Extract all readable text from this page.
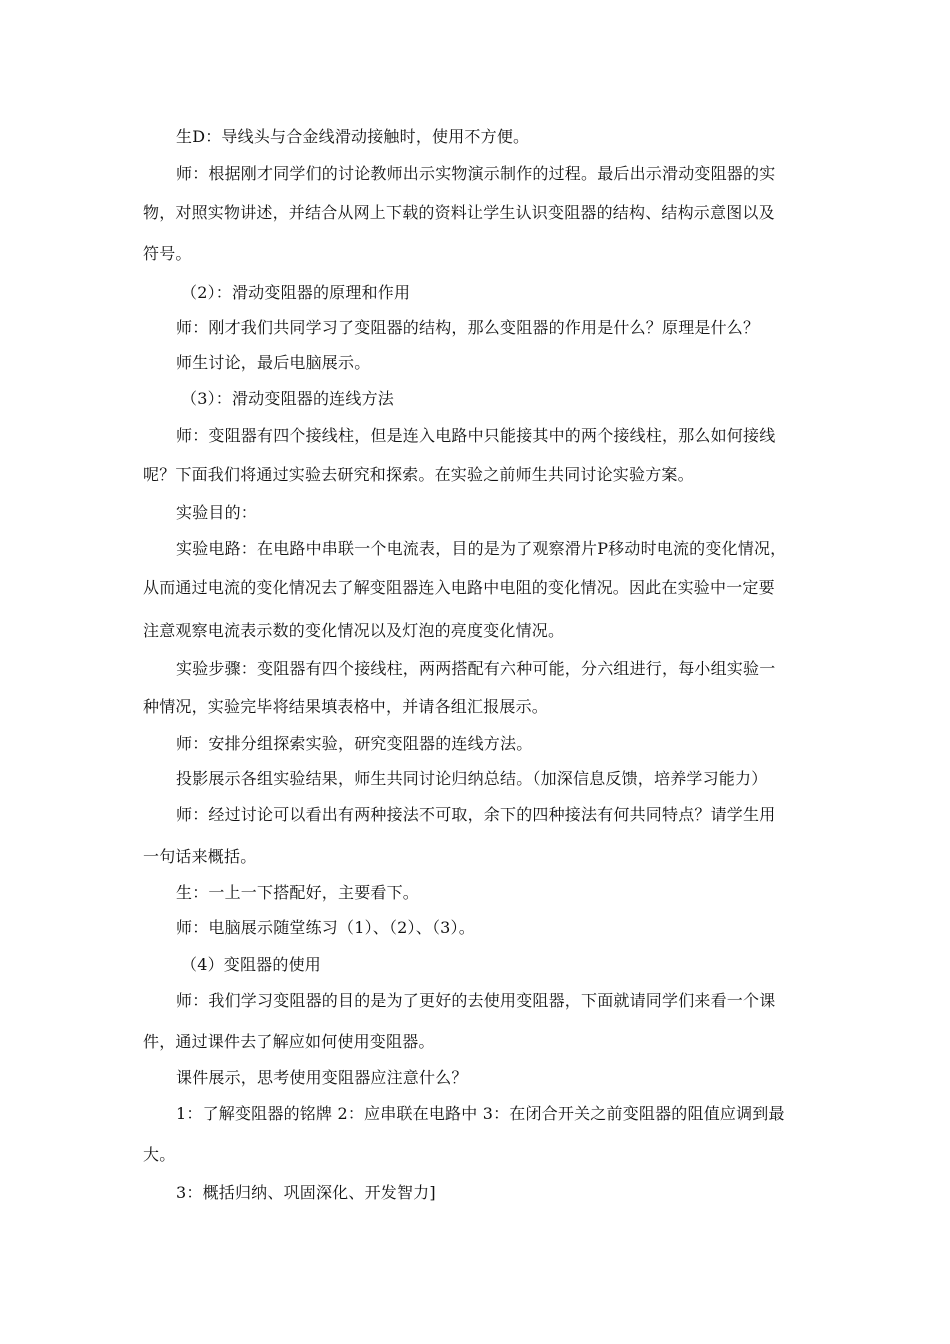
生D：导线头与合金线滑动接触时，使用不方便。
师：根据刚才同学们的讨论教师出示实物演示制作的过程。最后出示滑动变阻器的实
物，对照实物讲述，并结合从网上下载的资料让学生认识变阻器的结构、结构示意图以及
符号。
（2）：滑动变阻器的原理和作用
师：刚才我们共同学习了变阻器的结构，那么变阻器的作用是什么？原理是什么？
师生讨论，最后电脑展示。
（3）：滑动变阻器的连线方法
师：变阻器有四个接线柱，但是连入电路中只能接其中的两个接线柱，那么如何接线
呢？下面我们将通过实验去研究和探索。在实验之前师生共同讨论实验方案。
实验目的：
实验电路：在电路中串联一个电流表，目的是为了观察滑片P移动时电流的变化情况，
从而通过电流的变化情况去了解变阻器连入电路中电阻的变化情况。因此在实验中一定要
注意观察电流表示数的变化情况以及灯泡的亮度变化情况。
实验步骤：变阻器有四个接线柱，两两搭配有六种可能，分六组进行，每小组实验一
种情况，实验完毕将结果填表格中，并请各组汇报展示。
师：安排分组探索实验，研究变阻器的连线方法。
投影展示各组实验结果，师生共同讨论归纳总结。（加深信息反馈，培养学习能力）
师：经过讨论可以看出有两种接法不可取，余下的四种接法有何共同特点？请学生用
一句话来概括。
生：一上一下搭配好，主要看下。
师：电脑展示随堂练习（1）、（2）、（3）。
（4）变阻器的使用
师：我们学习变阻器的目的是为了更好的去使用变阻器，下面就请同学们来看一个课
件，通过课件去了解应如何使用变阻器。
课件展示，思考使用变阻器应注意什么？
1：了解变阻器的铭牌 2：应串联在电路中 3：在闭合开关之前变阻器的阻值应调到最
大。
3：概括归纳、巩固深化、开发智力]
